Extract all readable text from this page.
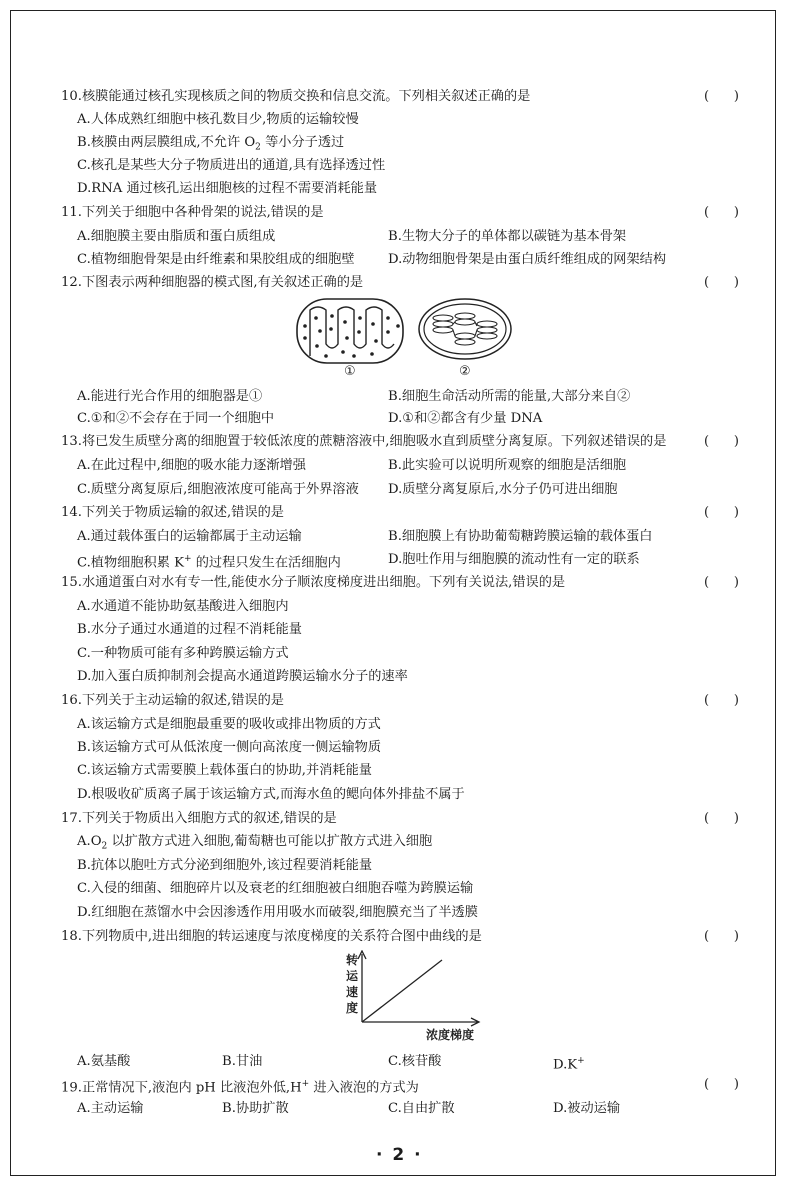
10.核膜能通过核孔实现核质之间的物质交换和信息交流。下列相关叙述正确的是	(      )
A.人体成熟红细胞中核孔数目少,物质的运输较慢
B.核膜由两层膜组成,不允许 $O_2$ 等小分子透过
C.核孔是某些大分子物质进出的通道,具有选择透过性
D.RNA 通过核孔运出细胞核的过程不需要消耗能量
11.下列关于细胞中各种骨架的说法,错误的是	(      )
A.细胞膜主要由脂质和蛋白质组成	B.生物大分子的单体都以碳链为基本骨架
C.植物细胞骨架是由纤维素和果胶组成的细胞壁	D.动物细胞骨架是由蛋白质纤维组成的网架结构
12.下图表示两种细胞器的模式图,有关叙述正确的是	(      )
①	②
A.能进行光合作用的细胞器是①	B.细胞生命活动所需的能量,大部分来自②
C.①和②不会存在于同一个细胞中	D.①和②都含有少量 DNA
13.将已发生质壁分离的细胞置于较低浓度的蔗糖溶液中,细胞吸水直到质壁分离复原。下列叙述错误的是	(      )
A.在此过程中,细胞的吸水能力逐渐增强	B.此实验可以说明所观察的细胞是活细胞
C.质壁分离复原后,细胞液浓度可能高于外界溶液 D.质壁分离复原后,水分子仍可进出细胞
14.下列关于物质运输的叙述,错误的是	(      )
A.通过载体蛋白的运输都属于主动运输	B.细胞膜上有协助葡萄糖跨膜运输的载体蛋白
C.植物细胞积累 K+ 的过程只发生在活细胞内	D.胞吐作用与细胞膜的流动性有一定的联系
15.水通道蛋白对水有专一性,能使水分子顺浓度梯度进出细胞。下列有关说法,错误的是	(      )
A.水通道不能协助氨基酸进入细胞内
B.水分子通过水通道的过程不消耗能量
C.一种物质可能有多种跨膜运输方式
D.加入蛋白质抑制剂会提高水通道跨膜运输水分子的速率
16.下列关于主动运输的叙述,错误的是	(      )
A.该运输方式是细胞最重要的吸收或排出物质的方式
B.该运输方式可从低浓度一侧向高浓度一侧运输物质
C.该运输方式需要膜上载体蛋白的协助,并消耗能量
D.根吸收矿质离子属于该运输方式,而海水鱼的鳃向体外排盐不属于
17.下列关于物质出入细胞方式的叙述,错误的是	(      )
$A.O_2$ 以扩散方式进入细胞,葡萄糖也可能以扩散方式进入细胞
B.抗体以胞吐方式分泌到细胞外,该过程要消耗能量
C.入侵的细菌、细胞碎片以及衰老的红细胞被白细胞吞噬为跨膜运输
D.红细胞在蒸馏水中会因渗透作用用吸水而破裂,细胞膜充当了半透膜
18.下列物质中,进出细胞的转运速度与浓度梯度的关系符合图中曲线的是	(      )
转
运
速
度
浓度梯度
A.氨基酸	B.甘油	C.核苷酸	D.K+
19.正常情况下,液泡内 pH 比液泡外低,H+ 进入液泡的方式为	(      )
A.主动运输	B.协助扩散	C.自由扩散	D.被动运输
· 2 ·
